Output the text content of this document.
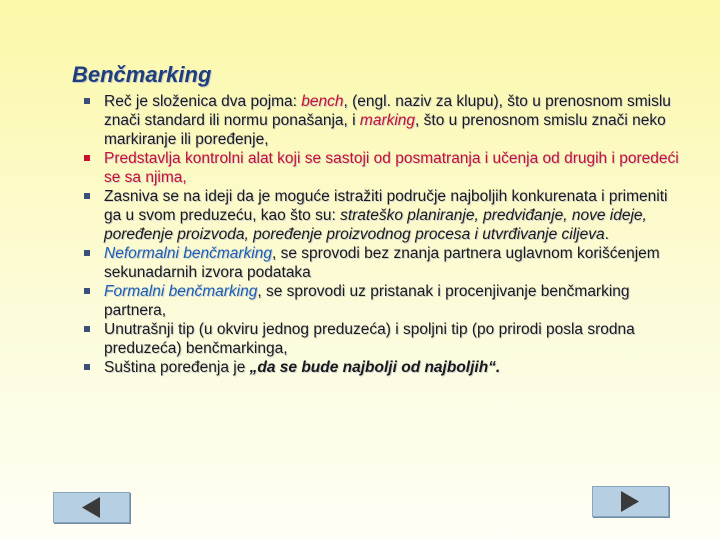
Benčmarking
Reč je složenica dva pojma: bench, (engl. naziv za klupu), što u prenosnom smislu znači standard ili normu ponašanja, i marking, što u prenosnom smislu znači neko markiranje ili poređenje,
Predstavlja kontrolni alat koji se sastoji od posmatranja i učenja od drugih i poredeći se sa njima,
Zasniva se na ideji da je moguće istražiti područje najboljih konkurenata i primeniti ga u svom preduzeću, kao što su: strateško planiranje, predviđanje, nove ideje, poređenje proizvoda, poređenje proizvodnog procesa i utvrđivanje ciljeva.
Neformalni benčmarking, se sprovodi bez znanja partnera uglavnom korišćenjem sekunadarnih izvora podataka
Formalni benčmarking, se sprovodi uz pristanak i procenjivanje benčmarking partnera,
Unutrašnji tip (u okviru jednog preduzeća) i spoljni tip (po prirodi posla srodna preduzeća) benčmarkinga,
Suština poređenja je „da se bude najbolji od najboljih“.
